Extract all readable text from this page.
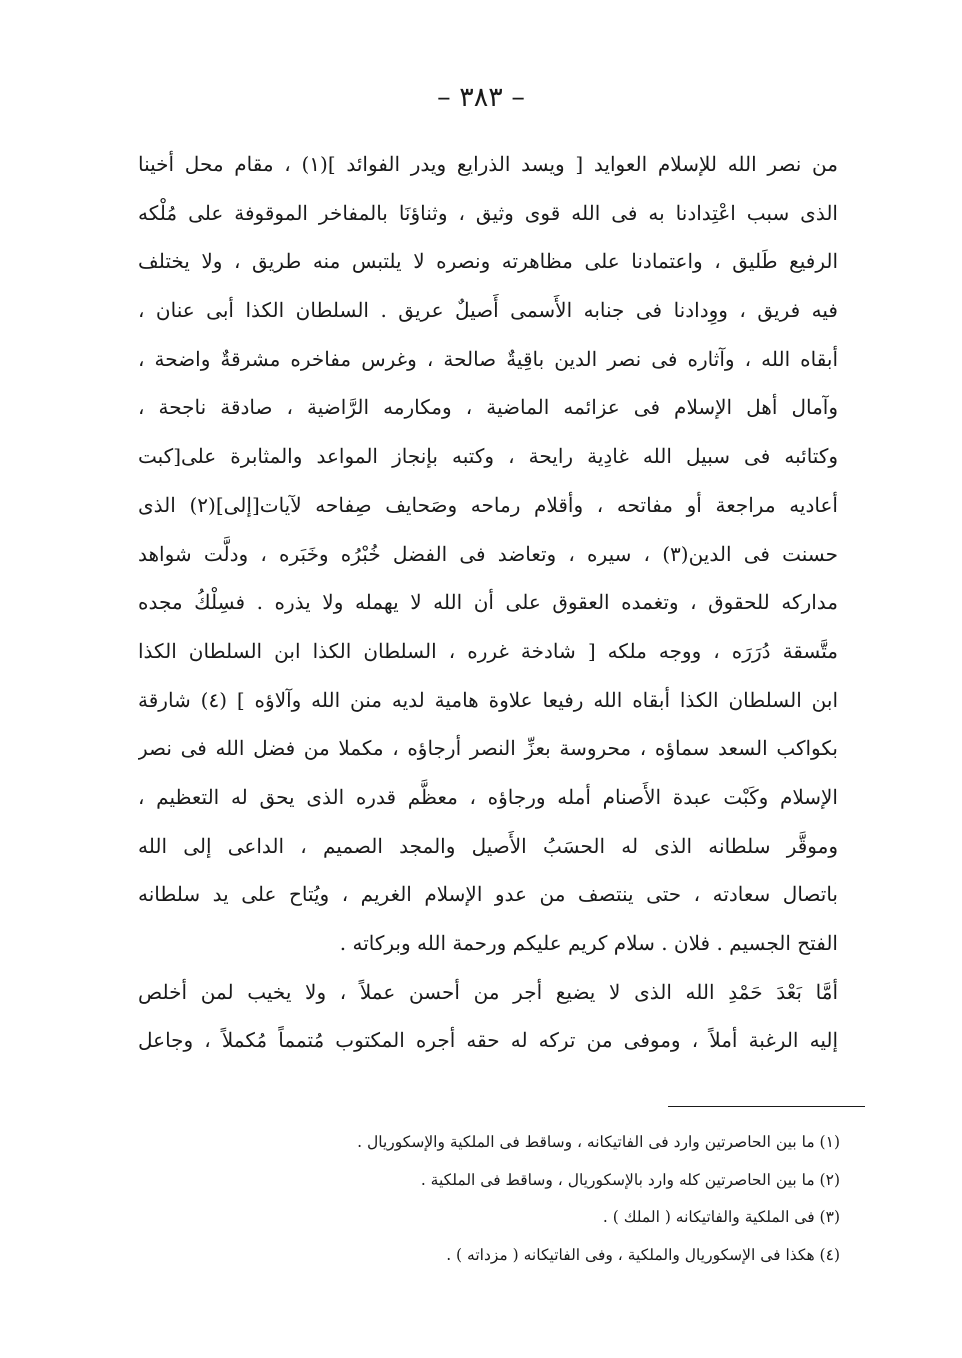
– ٣٨٣ –
من نصر الله للإسلام العوايد [ ويسد الذرايع ويدر الفوائد ](١) ، مقام محل أخينا
الذى سبب اعْتِدادنا به فى الله قوى وثيق ، وثناؤنَا بالمفاخر الموقوفة على مُلْكه
الرفيع طَليق ، واعتمادنا على مظاهرته ونصره لا يلتبس منه طريق ، ولا يختلف
فيه فريق ، ووِدادنا فى جنابه الأَسمى أَصيلٌ عريق . السلطان الكذا أبى عنان ،
أبقاه الله ، وآثاره فى نصر الدين باقِيةٌ صالحة ، وغرس مفاخره مشرقةٌ واضحة ،
وآمال أهل الإسلام فى عزائمه الماضية ، ومكارمه الرَّاضية ، صادقة ناجحة ،
وكتائبه فى سبيل الله غادِية رايحة ، وكتبه بإنجاز المواعد والمثابرة على[كبت
أعاديه مراجعة أو مفاتحه ، وأقلام رماحه وصَحايف صِفاحه لآيات[إلى](٢) الذى
حسنت فى الدين(٣) ، سيره ، وتعاضد فى الفضل خُبْرُه وخَبَره ، ودلَّت شواهد
مداركه للحقوق ، وتغمده العقوق على أن الله لا يهمله ولا يذره . فسِلْكُ مجده
متَّسقة دُرَرَه ، ووجه ملكه [ شادخة غرره ، السلطان الكذا ابن السلطان الكذا
ابن السلطان الكذا أبقاه الله رفيعا علاوة هامية لديه منن الله وآلاؤه ] (٤) شارقة
بكواكب السعد سماؤه ، محروسة بعزِّ النصر أرجاؤه ، مكملا من فضل الله فى نصر
الإسلام وكَبْت عبدة الأَصنام أمله ورجاؤه ، معظَّم قدره الذى يحق له التعظيم ،
وموقَّر سلطانه الذى له الحسَبُ الأَصيل والمجد الصميم ، الداعى إلى الله
باتصال سعادته ، حتى ينتصف من عدو الإسلام الغريم ، ويُتاح على يد سلطانه
الفتح الجسيم . فلان . سلام كريم عليكم ورحمة الله وبركاته .
أمَّا بَعْدَ حَمْدِ الله الذى لا يضيع أجر من أحسن عملاً ، ولا يخيب لمن أخلص
إليه الرغبة أملاً ، وموفى من تركه له حقه أجره المكتوب مُتمماً مُكملاً ، وجاعل
(١) ما بين الحاصرتين وارد فى الفاتيكانه ، وساقط فى الملكية والإسكوريال .
(٢) ما بين الحاصرتين كله وارد بالإسكوريال ، وساقط فى الملكية .
(٣) فى الملكية والفاتيكانه ( الملك ) .
(٤) هكذا فى الإسكوريال والملكية ، وفى الفاتيكانه ( مزداته ) .
